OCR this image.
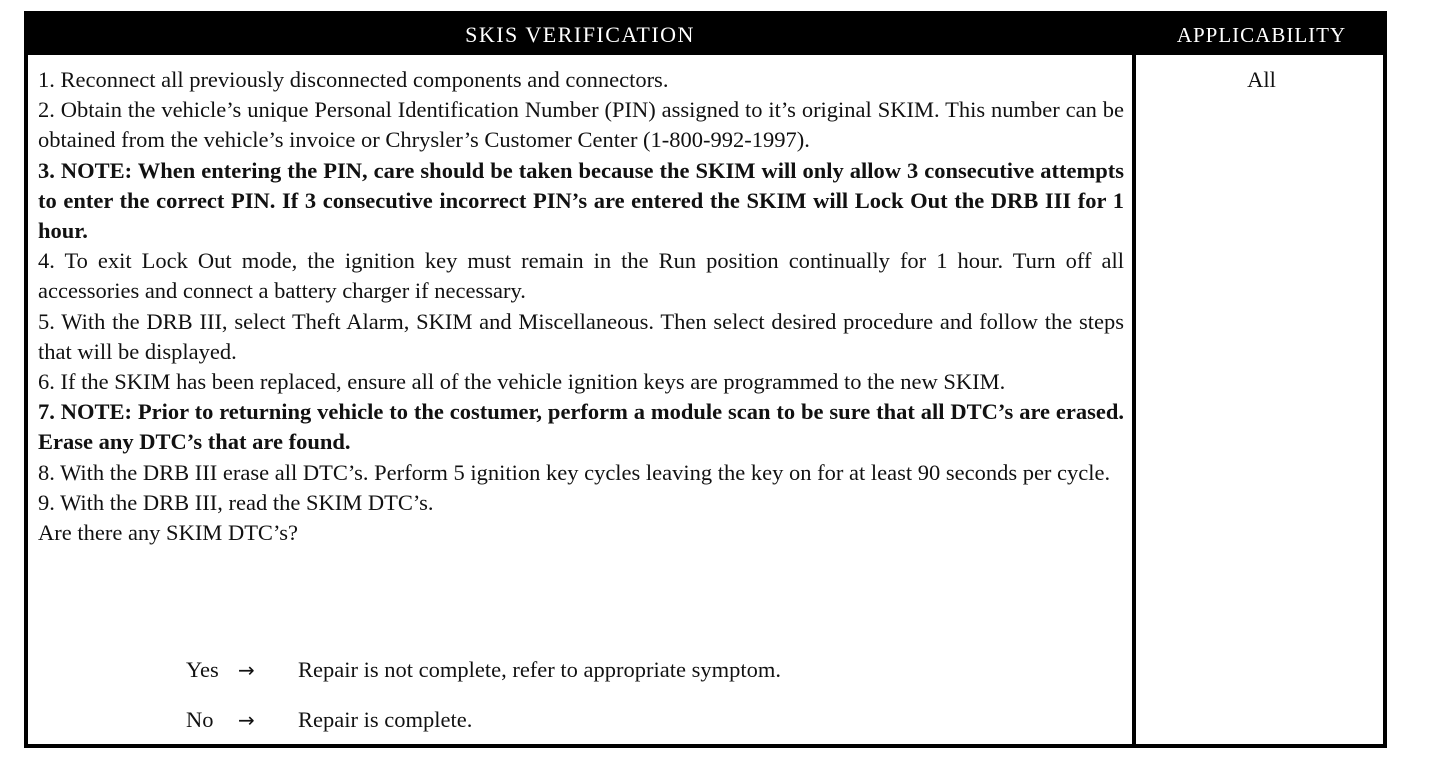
SKIS VERIFICATION	APPLICABILITY

1. Reconnect all previously disconnected components and connectors.

2. Obtain the vehicle’s unique Personal Identification Number (PIN) assigned to it’s original SKIM. This number can be obtained from the vehicle’s invoice or Chrysler’s Customer Center (1-800-992-1997).

3. NOTE: When entering the PIN, care should be taken because the SKIM will only allow 3 consecutive attempts to enter the correct PIN. If 3 consecutive incorrect PIN’s are entered the SKIM will Lock Out the DRB III for 1 hour.

4. To exit Lock Out mode, the ignition key must remain in the Run position continually for 1 hour. Turn off all accessories and connect a battery charger if necessary.

5. With the DRB III, select Theft Alarm, SKIM and Miscellaneous. Then select desired procedure and follow the steps that will be displayed.

6. If the SKIM has been replaced, ensure all of the vehicle ignition keys are programmed to the new SKIM.

7. NOTE: Prior to returning vehicle to the costumer, perform a module scan to be sure that all DTC’s are erased. Erase any DTC’s that are found.

8. With the DRB III erase all DTC’s. Perform 5 ignition key cycles leaving the key on for at least 90 seconds per cycle.

9. With the DRB III, read the SKIM DTC’s.

Are there any SKIM DTC’s?

Yes → Repair is not complete, refer to appropriate symptom.
No → Repair is complete.
All
